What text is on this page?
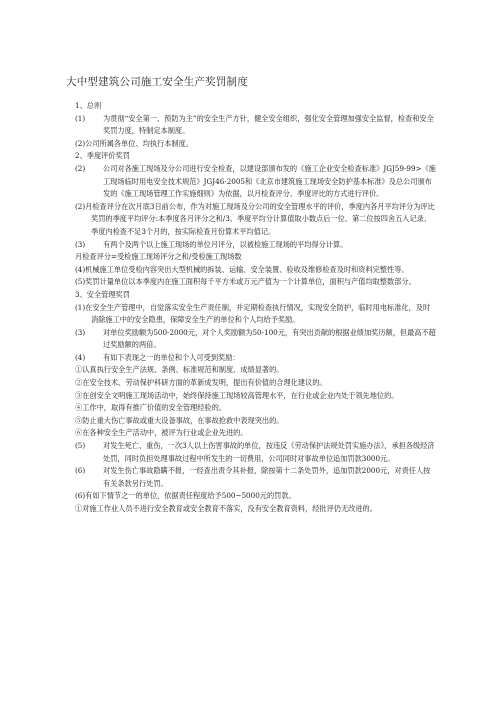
大中型建筑公司施工安全生产奖罚制度
1、总则
(1)	为贯彻“安全第一、预防为主”的安全生产方针，健全安全组织，强化安全管理加强安全监督，检查和安全奖罚力度，特制定本制度。
(2)公司所属各单位、均执行本制度。
2、季度评价奖罚
(2)	公司对各施工现场及分公司进行安全检查，以建设部颁布发的《施工企业安全检查标准》JGJ59-99>《施工现场临时用电安全技术规范》JGJ46-2005和《北京市建筑施工现场安全防护基本标准》及总公司颁布发的《施工现场管理工作实施细则》为依据，以月检查评分、季度评比的方式进行评价。
(2)月检查评分在次月底3日前公布，作为对施工现场及分公司的安全管理水平的评价，季度内各月平均评分为评比奖罚的季度平均评分:本季度各月评分之和/3。季度平均分计算值取小数点后一位、第二位按四舍五入记录、季度内检查不足3个月的，按实际检查月份算术平均值记。
(3)	有两个及两个以上施工现场的单位月评分，以被检施工现场的平均得分计算。
月检查评分=受检施工现场评分之和/受检施工现场数
(4)机械施工单位受检内容突出大型机械的拆装、运输、安全装置、验收及维修检查及时和资料完整性等。
(5)奖罚计量单位以本季度内在施工面积每千平方米或万元产值为一个计算单位，面积与产值均取整数部分。
3、安全管理奖罚
(1)在安全生产管理中，自觉落实安全生产责任制，并定期检查执行情况，实现安全防护，临时用电标准化，及时消除施工中的安全隐患，保障安全生产的单位和个人均给予奖励。
(3)	对单位奖励额为500-2000元，对个人奖励额为50-100元，有突出贡献的根据业绩加奖历额，但最高不超过奖励额的两倍。
(4)	有如下表现之一的单位和个人可受到奖励：
①认真执行安全生产法规、条例、标准规范和制度、成绩显著的。
②在安全技术、劳动保护科研方面的革新成发明，提出有价值的合理化建议的。
③在创安全文明施工现场活动中，始终保持施工现场较高管理水平，在行业或企业内处于领先地位的。
④工作中，取得有推广价值的安全管理经验的。
⑤防止重大伤亡事故或重大设备事故，在事故抢救中表现突出的。
⑥在各种安全生产活动中，被评为行业或企业先进的。
(5)	对发生死亡、重伤，一次3人以上伤害事故的单位，按违反《劳动保护法规处罚实施办法》，承担各级经济处罚，同时负担处理事故过程中所发生的一切费用，公司同时对事故单位追加罚款3000元。
(6)	对发生伤亡事故隐瞒不报，一经查出责令其补报，除按第十二条处罚外，追加罚款2000元，对责任人按有关条款另行处罚。
(6)有如下情节之一的单位，依据责任程度给予500~5000元的罚款。
①对施工作业人员不进行安全教育或安全教育不落实，没有安全教育资料，经批评仍无改进的。
